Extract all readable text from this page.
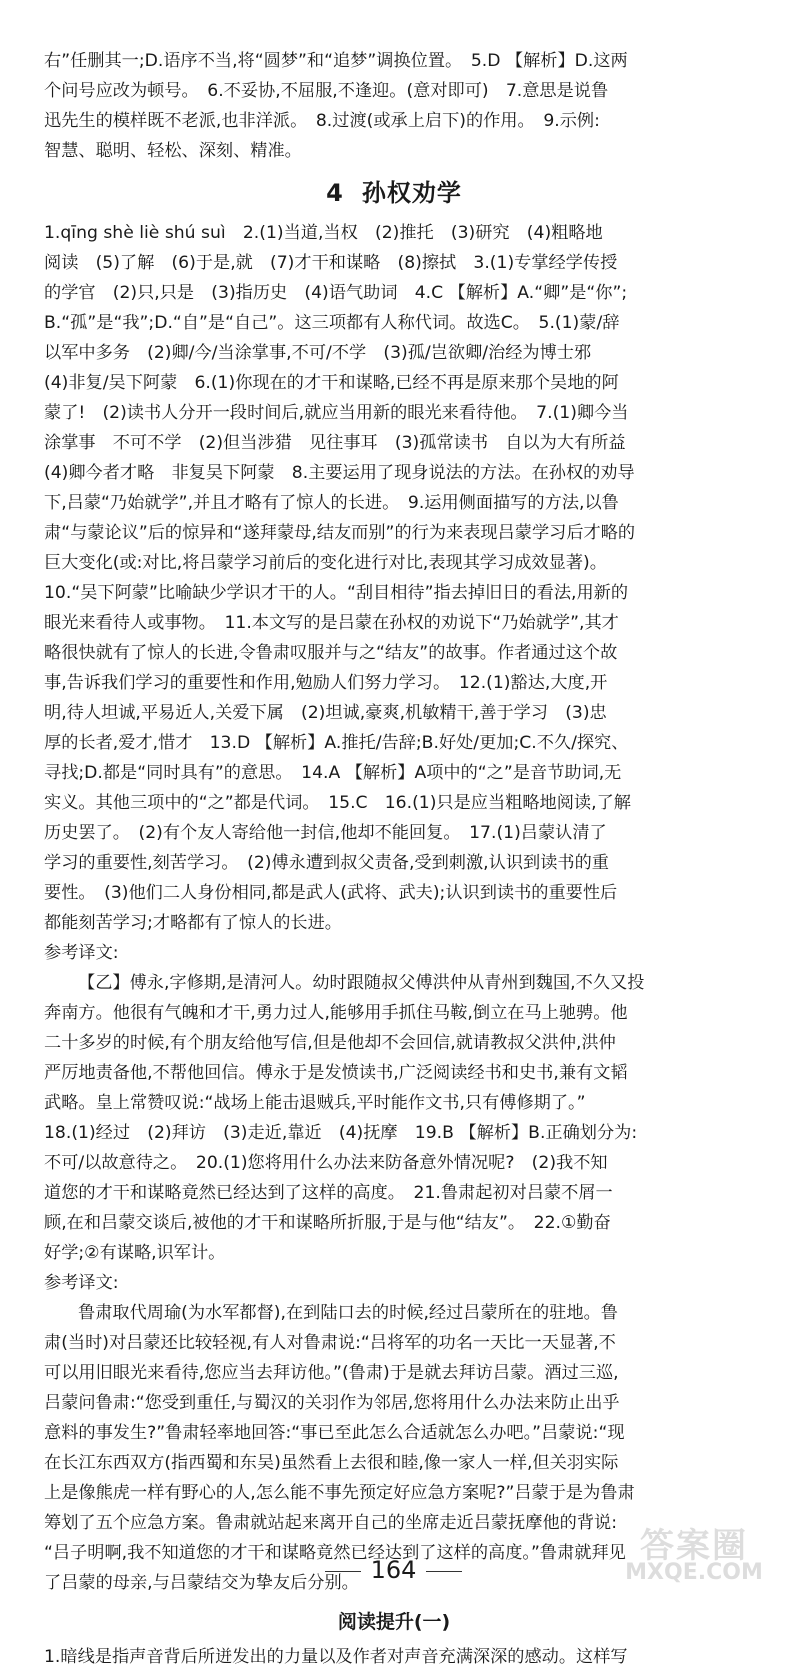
右”任删其一;D.语序不当,将“圆梦”和“追梦”调换位置。　5.D 【解析】D.这两
个问号应改为顿号。　6.不妥协,不屈服,不逢迎。(意对即可)　7.意思是说鲁
迅先生的模样既不老派,也非洋派。　8.过渡(或承上启下)的作用。　9.示例:
智慧、聪明、轻松、深刻、精准。
4 孙权劝学
1.qīng shè liè shú suì　2.(1)当道,当权　(2)推托　(3)研究　(4)粗略地
阅读　(5)了解　(6)于是,就　(7)才干和谋略　(8)擦拭　3.(1)专掌经学传授
的学官　(2)只,只是　(3)指历史　(4)语气助词　4.C 【解析】A.“卿”是“你”;
B.“孤”是“我”;D.“自”是“自己”。这三项都有人称代词。故选C。　5.(1)蒙/辞
以军中多务　(2)卿/今/当涂掌事,不可/不学　(3)孤/岂欲卿/治经为博士邪
(4)非复/吴下阿蒙　6.(1)你现在的才干和谋略,已经不再是原来那个吴地的阿
蒙了!　(2)读书人分开一段时间后,就应当用新的眼光来看待他。　7.(1)卿今当
涂掌事　不可不学　(2)但当涉猎　见往事耳　(3)孤常读书　自以为大有所益
(4)卿今者才略　非复吴下阿蒙　8.主要运用了现身说法的方法。在孙权的劝导
下,吕蒙“乃始就学”,并且才略有了惊人的长进。　9.运用侧面描写的方法,以鲁
肃“与蒙论议”后的惊异和“遂拜蒙母,结友而别”的行为来表现吕蒙学习后才略的
巨大变化(或:对比,将吕蒙学习前后的变化进行对比,表现其学习成效显著)。
10.“吴下阿蒙”比喻缺少学识才干的人。“刮目相待”指去掉旧日的看法,用新的
眼光来看待人或事物。　11.本文写的是吕蒙在孙权的劝说下“乃始就学”,其才
略很快就有了惊人的长进,令鲁肃叹服并与之“结友”的故事。作者通过这个故
事,告诉我们学习的重要性和作用,勉励人们努力学习。　12.(1)豁达,大度,开
明,待人坦诚,平易近人,关爱下属　(2)坦诚,豪爽,机敏精干,善于学习　(3)忠
厚的长者,爱才,惜才　13.D 【解析】A.推托/告辞;B.好处/更加;C.不久/探究、
寻找;D.都是“同时具有”的意思。　14.A 【解析】A项中的“之”是音节助词,无
实义。其他三项中的“之”都是代词。　15.C　16.(1)只是应当粗略地阅读,了解
历史罢了。　(2)有个友人寄给他一封信,他却不能回复。　17.(1)吕蒙认清了
学习的重要性,刻苦学习。　(2)傅永遭到叔父责备,受到刺激,认识到读书的重
要性。　(3)他们二人身份相同,都是武人(武将、武夫);认识到读书的重要性后
都能刻苦学习;才略都有了惊人的长进。
参考译文:
【乙】傅永,字修期,是清河人。幼时跟随叔父傅洪仲从青州到魏国,不久又投
奔南方。他很有气魄和才干,勇力过人,能够用手抓住马鞍,倒立在马上驰骋。他
二十多岁的时候,有个朋友给他写信,但是他却不会回信,就请教叔父洪仲,洪仲
严厉地责备他,不帮他回信。傅永于是发愤读书,广泛阅读经书和史书,兼有文韬
武略。皇上常赞叹说:“战场上能击退贼兵,平时能作文书,只有傅修期了。”
18.(1)经过　(2)拜访　(3)走近,靠近　(4)抚摩　19.B 【解析】B.正确划分为:
不可/以故意待之。　20.(1)您将用什么办法来防备意外情况呢?　(2)我不知
道您的才干和谋略竟然已经达到了这样的高度。　21.鲁肃起初对吕蒙不屑一
顾,在和吕蒙交谈后,被他的才干和谋略所折服,于是与他“结友”。　22.①勤奋
好学;②有谋略,识军计。
参考译文:
鲁肃取代周瑜(为水军都督),在到陆口去的时候,经过吕蒙所在的驻地。鲁
肃(当时)对吕蒙还比较轻视,有人对鲁肃说:“吕将军的功名一天比一天显著,不
可以用旧眼光来看待,您应当去拜访他。”(鲁肃)于是就去拜访吕蒙。酒过三巡,
吕蒙问鲁肃:“您受到重任,与蜀汉的关羽作为邻居,您将用什么办法来防止出乎
意料的事发生?”鲁肃轻率地回答:“事已至此怎么合适就怎么办吧。”吕蒙说:“现
在长江东西双方(指西蜀和东吴)虽然看上去很和睦,像一家人一样,但关羽实际
上是像熊虎一样有野心的人,怎么能不事先预定好应急方案呢?”吕蒙于是为鲁肃
筹划了五个应急方案。鲁肃就站起来离开自己的坐席走近吕蒙抚摩他的背说:
“吕子明啊,我不知道您的才干和谋略竟然已经达到了这样的高度。”鲁肃就拜见
了吕蒙的母亲,与吕蒙结交为挚友后分别。
阅读提升(一)
1.暗线是指声音背后所迸发出的力量以及作者对声音充满深深的感动。这样写
164
答案圈
MXQE.COM
